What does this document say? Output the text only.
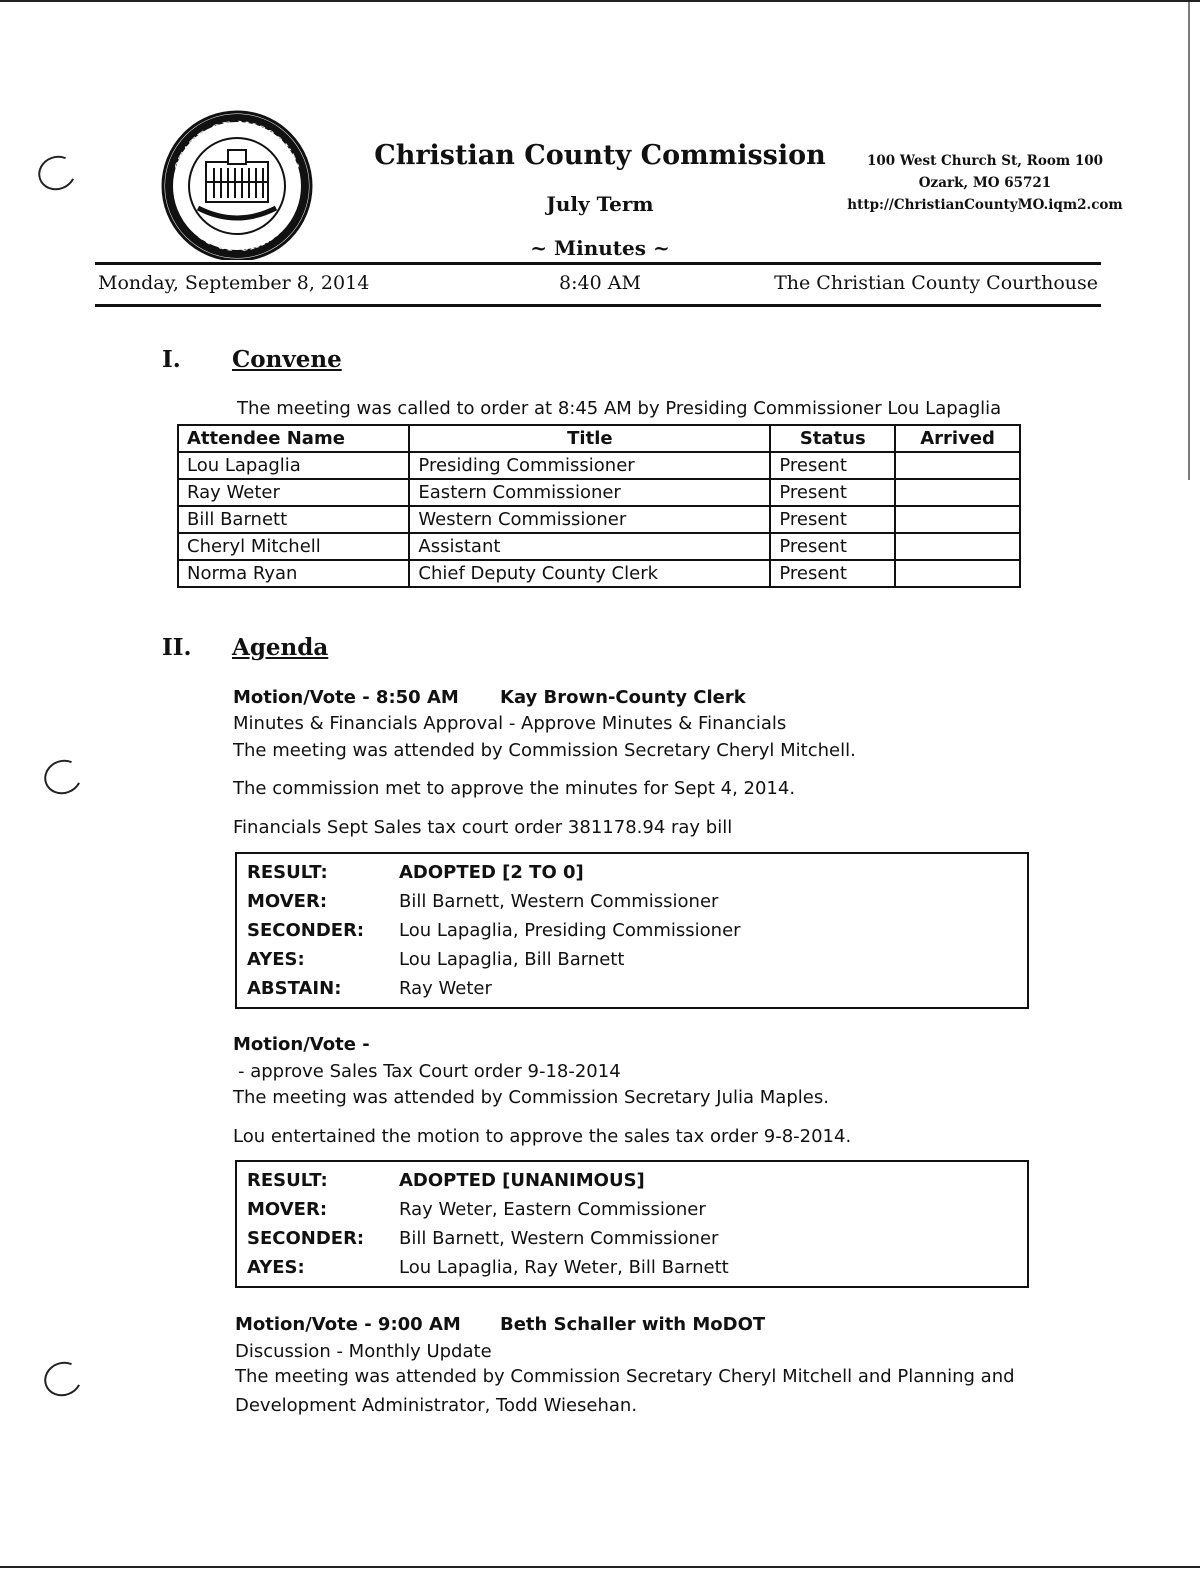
STATE OF MISSOURI
COUNTY OF CHRISTIAN
Christian County Commission
July Term
~ Minutes ~
100 West Church St, Room 100
Ozark, MO 65721
http://ChristianCountyMO.iqm2.com
Monday, September 8, 2014	8:40 AM	The Christian County Courthouse
I. Convene
The meeting was called to order at 8:45 AM by Presiding Commissioner Lou Lapaglia
Attendee Name	Title	Status	Arrived
Lou Lapaglia	Presiding Commissioner	Present	
Ray Weter	Eastern Commissioner	Present	
Bill Barnett	Western Commissioner	Present	
Cheryl Mitchell	Assistant	Present	
Norma Ryan	Chief Deputy County Clerk	Present	
II. Agenda
Motion/Vote - 8:50 AM Kay Brown-County Clerk
Minutes & Financials Approval - Approve Minutes & Financials
The meeting was attended by Commission Secretary Cheryl Mitchell.
The commission met to approve the minutes for Sept 4, 2014.
Financials Sept Sales tax court order 381178.94 ray bill
RESULT:	ADOPTED [2 TO 0]
MOVER:	Bill Barnett, Western Commissioner
SECONDER:	Lou Lapaglia, Presiding Commissioner
AYES:	Lou Lapaglia, Bill Barnett
ABSTAIN:	Ray Weter
Motion/Vote -
- approve Sales Tax Court order 9-18-2014
The meeting was attended by Commission Secretary Julia Maples.
Lou entertained the motion to approve the sales tax order 9-8-2014.
RESULT:	ADOPTED [UNANIMOUS]
MOVER:	Ray Weter, Eastern Commissioner
SECONDER:	Bill Barnett, Western Commissioner
AYES:	Lou Lapaglia, Ray Weter, Bill Barnett
Motion/Vote - 9:00 AM Beth Schaller with MoDOT
Discussion - Monthly Update
The meeting was attended by Commission Secretary Cheryl Mitchell and Planning and
Development Administrator, Todd Wiesehan.
